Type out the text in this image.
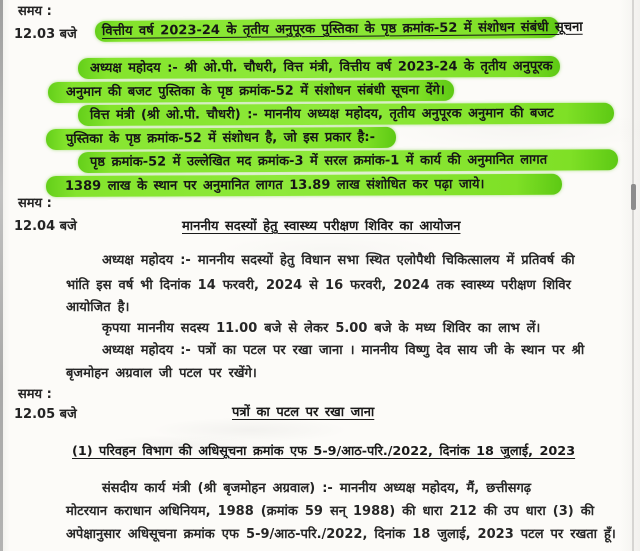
समय :
12.03 बजे	वित्तीय वर्ष 2023-24 के तृतीय अनुपूरक पुस्तिका के पृष्ठ क्रमांक-52 में संशोधन संबंधी सूचना
अध्यक्ष महोदय :- श्री ओ.पी. चौधरी, वित्त मंत्री, वित्तीय वर्ष 2023-24 के तृतीय अनुपूरक
अनुमान की बजट पुस्तिका के पृष्ठ क्रमांक-52 में संशोधन संबंधी सूचना देंगे।
वित्त मंत्री (श्री ओ.पी. चौधरी) :- माननीय अध्यक्ष महोदय, तृतीय अनुपूरक अनुमान की बजट
पुस्तिका के पृष्ठ क्रमांक-52 में संशोधन है, जो इस प्रकार है:-
पृष्ठ क्रमांक-52 में उल्लेखित मद क्रमांक-3 में सरल क्रमांक-1 में कार्य की अनुमानित लागत
1389 लाख के स्थान पर अनुमानित लागत 13.89 लाख संशोधित कर पढ़ा जाये।
समय :
12.04 बजे	माननीय सदस्यों हेतु स्वास्थ्य परीक्षण शिविर का आयोजन
अध्यक्ष महोदय :- माननीय सदस्यों हेतु विधान सभा स्थित एलोपैथी चिकित्सालय में प्रतिवर्ष की
भांति इस वर्ष भी दिनांक 14 फरवरी, 2024 से 16 फरवरी, 2024 तक स्वास्थ्य परीक्षण शिविर
आयोजित है।
कृपया माननीय सदस्य 11.00 बजे से लेकर 5.00 बजे के मध्य शिविर का लाभ लें।
अध्यक्ष महोदय :- पत्रों का पटल पर रखा जाना । माननीय विष्णु देव साय जी के स्थान पर श्री
बृजमोहन अग्रवाल जी पटल पर रखेंगे।
समय :
12.05 बजे	पत्रों का पटल पर रखा जाना
(1) परिवहन विभाग की अधिसूचना क्रमांक एफ 5-9/आठ-परि./2022, दिनांक 18 जुलाई, 2023
संसदीय कार्य मंत्री (श्री बृजमोहन अग्रवाल) :- माननीय अध्यक्ष महोदय, मैं, छत्तीसगढ़
मोटरयान कराधान अधिनियम, 1988 (क्रमांक 59 सन् 1988) की धारा 212 की उप धारा (3) की
अपेक्षानुसार अधिसूचना क्रमांक एफ 5-9/आठ-परि./2022, दिनांक 18 जुलाई, 2023 पटल पर रखता हूँ।
